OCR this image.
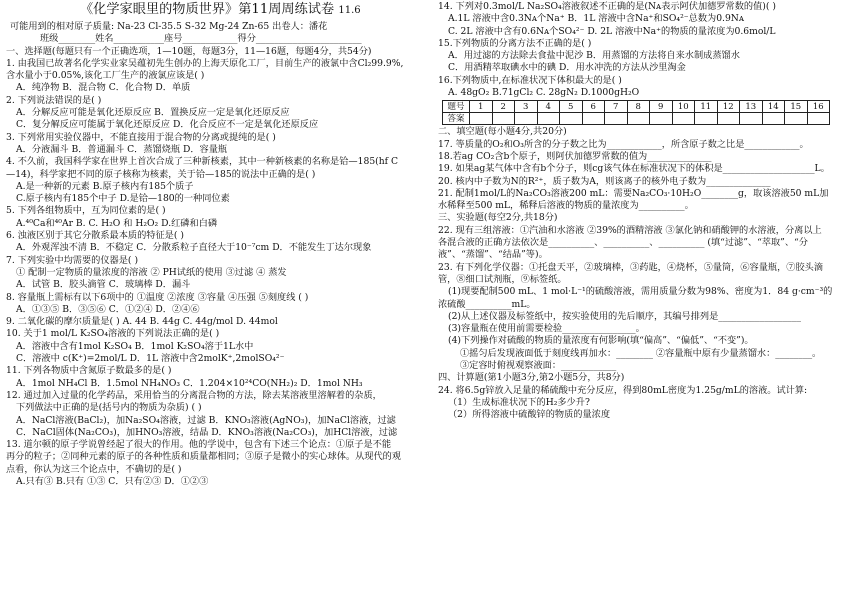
《化学家眼里的物质世界》第11周周练试卷 11.6
可能用到的相对原子质量: Na-23 Cl-35.5 S-32 Mg-24 Zn-65 出卷人：潘花
班级________姓名___________座号____________得分_______________________
一、选择题(每题只有一个正确选项，1—10题，每题3分，11—16题，每题4分，共54分)
1. 由我国已故著名化学实业家吴蕴初先生创办的上海天原化工厂，目前生产的液氯中含Cl₂99.9%,
含水量小于0.05%,该化工厂生产的液氯应该是( )
A．纯净物 B．混合物 C．化合物 D．单质
2. 下列说法错误的是( )
A．分解反应可能是氧化还原反应 B．置换反应一定是氧化还原反应
C．复分解反应可能属于氧化还原反应 D．化合反应不一定是氧化还原反应
3. 下列常用实验仪器中，不能直接用于混合物的分离或提纯的是( )
A．分液漏斗 B．普通漏斗 C．蒸馏烧瓶 D．容量瓶
4. 不久前，我国科学家在世界上首次合成了三种新核素，其中一种新核素的名称是铪—185(hf C
—14)，科学家把不同的原子核称为核素，关于铪—185的说法中正确的是( )
A.是一种新的元素 B.原子核内有185个质子
C.原子核内有185个中子 D.是铪—180的一种同位素
5. 下列各组物质中，互为同位素的是( )
A.⁴⁰Ca和⁴⁰Ar B. C. H₂O 和 H₂O₂ D.红磷和白磷
6. 浊液区别于其它分散系最本质的特征是( )
A．外观浑浊不清 B．不稳定 C．分散系粒子直径大于10⁻⁷cm D．不能发生丁达尔现象
7. 下列实验中均需要的仪器是( )
① 配制一定物质的量浓度的溶液 ② PH试纸的使用 ③过滤 ④ 蒸发
A．试管 B．胶头滴管 C．玻璃棒 D．漏斗
8. 容量瓶上需标有以下6项中的 ①温度 ②浓度 ③容量 ④压强 ⑤刻度线 ( )
A．①③⑤ B．③⑤⑥ C．①②④ D．②④⑥
9. 二氧化碳的摩尔质量是( ) A. 44 B. 44g C. 44g/mol D. 44mol
10. 关于1 mol/L K₂SO₄溶液的下列说法正确的是( )
A．溶液中含有1mol K₂SO₄ B．1mol K₂SO₄溶于1L水中
C．溶液中 c(K⁺)=2mol/L D．1L 溶液中含2molK⁺,2molSO₄²⁻
11. 下列各物质中含氮原子数最多的是( )
A．1mol NH₄Cl B．1.5mol NH₄NO₃ C．1.204×10²⁴CO(NH₂)₂ D．1mol NH₃
12. 通过加入过量的化学药品，采用恰当的分离混合物的方法，除去某溶液里溶解着的杂质，
下列做法中正确的是(括号内的物质为杂质) ( )
A．NaCl溶液(BaCl₂)，加Na₂SO₄溶液，过滤 B．KNO₃溶液(AgNO₃)，加NaCl溶液，过滤
C．NaCl固体(Na₂CO₃)，加HNO₃溶液，结晶 D．KNO₃溶液(Na₂CO₃)，加HCl溶液，过滤
13. 道尔顿的原子学说曾经起了很大的作用。他的学说中，包含有下述三个论点：①原子是不能
再分的粒子；②同种元素的原子的各种性质和质量都相同；③原子是微小的实心球体。从现代的观
点看，你认为这三个论点中，不确切的是( )
A.只有③ B.只有 ①③ C．只有②③ D．①②③
14. 下列对0.3mol/L Na₂SO₄溶液叙述不正确的是(Nᴀ表示阿伏加德罗常数的值)( )
A.1L 溶液中含0.3Nᴀ个Na⁺ B．1L 溶液中含Na⁺和SO₄²⁻总数为0.9Nᴀ
C. 2L 溶液中含有0.6Nᴀ个SO₄²⁻ D. 2L 溶液中Na⁺的物质的量浓度为0.6mol/L
15.下列物质的分离方法不正确的是( )
A．用过滤的方法除去食盐中泥沙 B．用蒸馏的方法将自来水制成蒸馏水
C．用酒精萃取碘水中的碘 D．用水冲洗的方法从沙里淘金
16.下列物质中,在标准状况下体积最大的是( )
A. 48gO₂ B.71gCl₂ C. 28gN₂ D.1000gH₂O
题号	1	2	3	4	5	6	7	8	9	10	11	12	13	14	15	16
答案																
二、填空题(每小题4分,共20分)
17. 等质量的O₂和O₃所含的分子数之比为____________，所含原子数之比是____________。
18.若ag CO₂含b个原子，则阿伏加德罗常数的值为______________
19. 如果ag某气体中含有b个分子，则cg该气体在标准状况下的体积是____________________L。
20. 核内中子数为N的R²⁺，质子数为A，则该离子的核外电子数为______________
21. 配制1mol/L的Na₂CO₃溶液200 mL：需要Na₂CO₃·10H₂O________g，取该溶液50 mL加
水稀释至500 mL，稀释后溶液的物质的量浓度为__________。
三、实验题(每空2分,共18分)
22. 现有三组溶液：①汽油和水溶液 ②39%的酒精溶液 ③氯化钠和硝酸钾的水溶液，分离以上
各混合液的正确方法依次是__________、__________、__________ (填“过滤”、“萃取”、“分
液”、“蒸馏”、“结晶”等)。
23. 有下列化学仪器：①托盘天平，②玻璃棒，③药匙，④烧杯，⑤量筒，⑥容量瓶，⑦胶头滴
管，⑧细口试剂瓶，⑨标签纸。
(1)现要配制500 mL、1 mol·L⁻¹的硫酸溶液，需用质量分数为98%、密度为1．84 g·cm⁻³的
浓硫酸__________mL。
(2)从上述仪器及标签纸中，按实验使用的先后顺序，其编号排列是__________________
(3)容量瓶在使用前需要检验________________。
(4)下列操作对硫酸的物质的量浓度有何影响(填“偏高”、“偏低”、“不变”)。
①摇匀后发现液面低于刻度线再加水：________ ②容量瓶中原有少量蒸馏水：________。
③定容时俯视观察液面：____________
四、计算题(第1小题3分,第2小题5分，共8分)
24. 将6.5g锌放入足量的稀硫酸中充分反应，得到80mL密度为1.25g/mL的溶液。试计算:
（1）生成标准状况下的H₂多少升?
（2）所得溶液中硫酸锌的物质的量浓度
